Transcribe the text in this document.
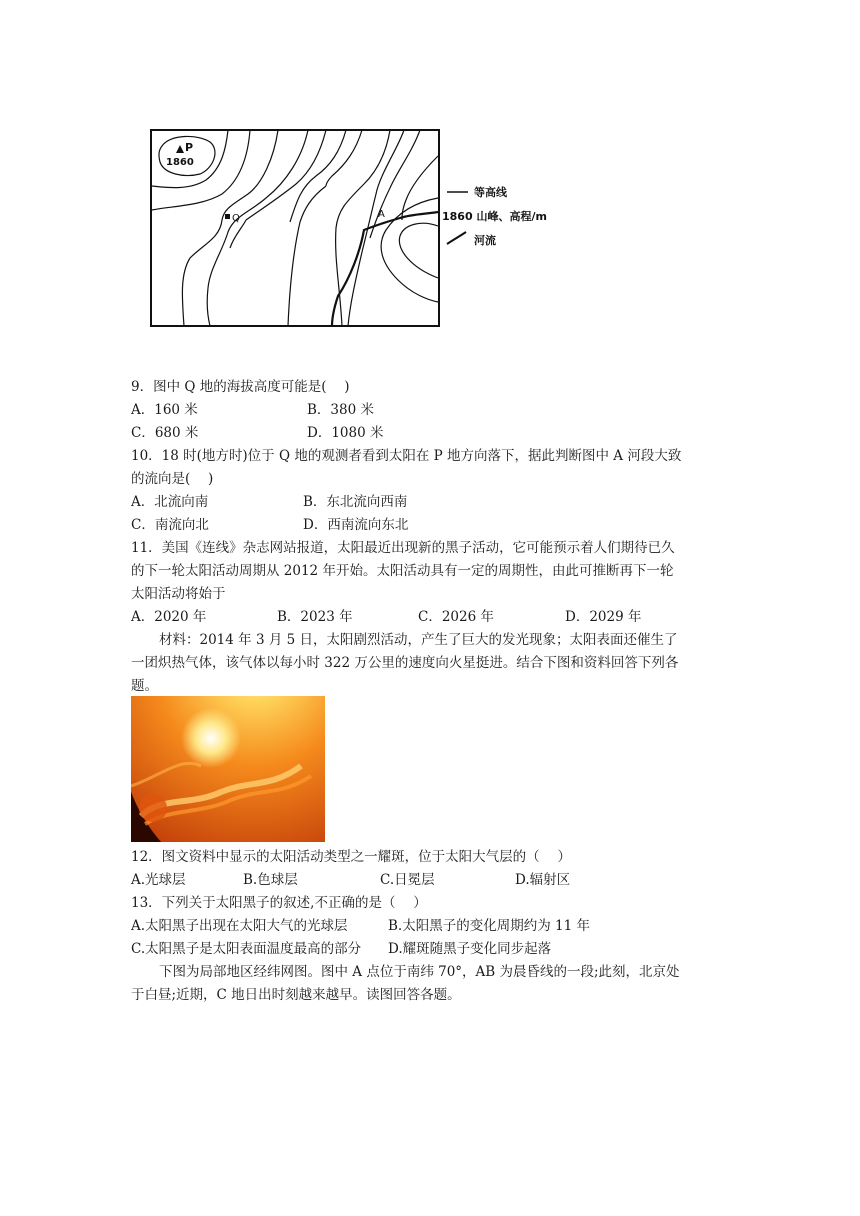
P
1860
Q	A
等高线
1860 山峰、高程/m
河流
9．图中 Q 地的海拔高度可能是(　 )
A．160 米	B．380 米
C．680 米	D．1080 米
10．18 时(地方时)位于 Q 地的观测者看到太阳在 P 地方向落下，据此判断图中 A 河段大致
的流向是(　 )
A．北流向南	B．东北流向西南
C．南流向北	D．西南流向东北
11．美国《连线》杂志网站报道，太阳最近出现新的黑子活动，它可能预示着人们期待已久
的下一轮太阳活动周期从 2012 年开始。太阳活动具有一定的周期性，由此可推断再下一轮
太阳活动将始于
A．2020 年	B．2023 年	C．2026 年	D．2029 年
材料：2014 年 3 月 5 日，太阳剧烈活动，产生了巨大的发光现象；太阳表面还催生了
一团炽热气体，该气体以每小时 322 万公里的速度向火星挺进。结合下图和资料回答下列各
题。
12．图文资料中显示的太阳活动类型之一耀斑，位于太阳大气层的（　 ）
A.光球层	B.色球层	C.日冕层	D.辐射区
13．下列关于太阳黑子的叙述,不正确的是（　 ）
A.太阳黑子出现在太阳大气的光球层	B.太阳黑子的变化周期约为 11 年
C.太阳黑子是太阳表面温度最高的部分 D.耀斑随黑子变化同步起落
下图为局部地区经纬网图。图中 A 点位于南纬 70°，AB 为晨昏线的一段;此刻，北京处
于白昼;近期，C 地日出时刻越来越早。读图回答各题。
